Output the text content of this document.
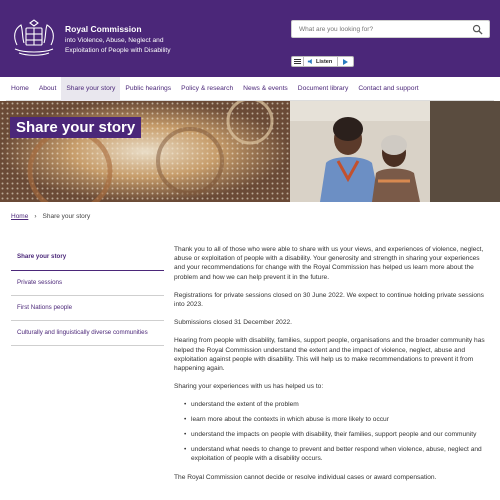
Royal Commission
into Violence, Abuse, Neglect and Exploitation of People with Disability
What are you looking for?
Listen
Home	About	Share your story	Public hearings	Policy & research	News & events	Document library	Contact and support
Share your story
Home › Share your story
Share your story
Private sessions
First Nations people
Culturally and linguistically diverse communities

Thank you to all of those who were able to share with us your views, and experiences of violence, neglect, abuse or exploitation of people with a disability. Your generosity and strength in sharing your experiences and your recommendations for change with the Royal Commission has helped us learn more about the problem and how we can help prevent it in the future.

Registrations for private sessions closed on 30 June 2022. We expect to continue holding private sessions into 2023.

Submissions closed 31 December 2022.

Hearing from people with disability, families, support people, organisations and the broader community has helped the Royal Commission understand the extent and the impact of violence, neglect, abuse and exploitation against people with disability. This will help us to make recommendations to prevent it from happening again.

Sharing your experiences with us has helped us to:

• understand the extent of the problem
• learn more about the contexts in which abuse is more likely to occur
• understand the impacts on people with disability, their families, support people and our community
• understand what needs to change to prevent and better respond when violence, abuse, neglect and exploitation of people with a disability occurs.

The Royal Commission cannot decide or resolve individual cases or award compensation.
